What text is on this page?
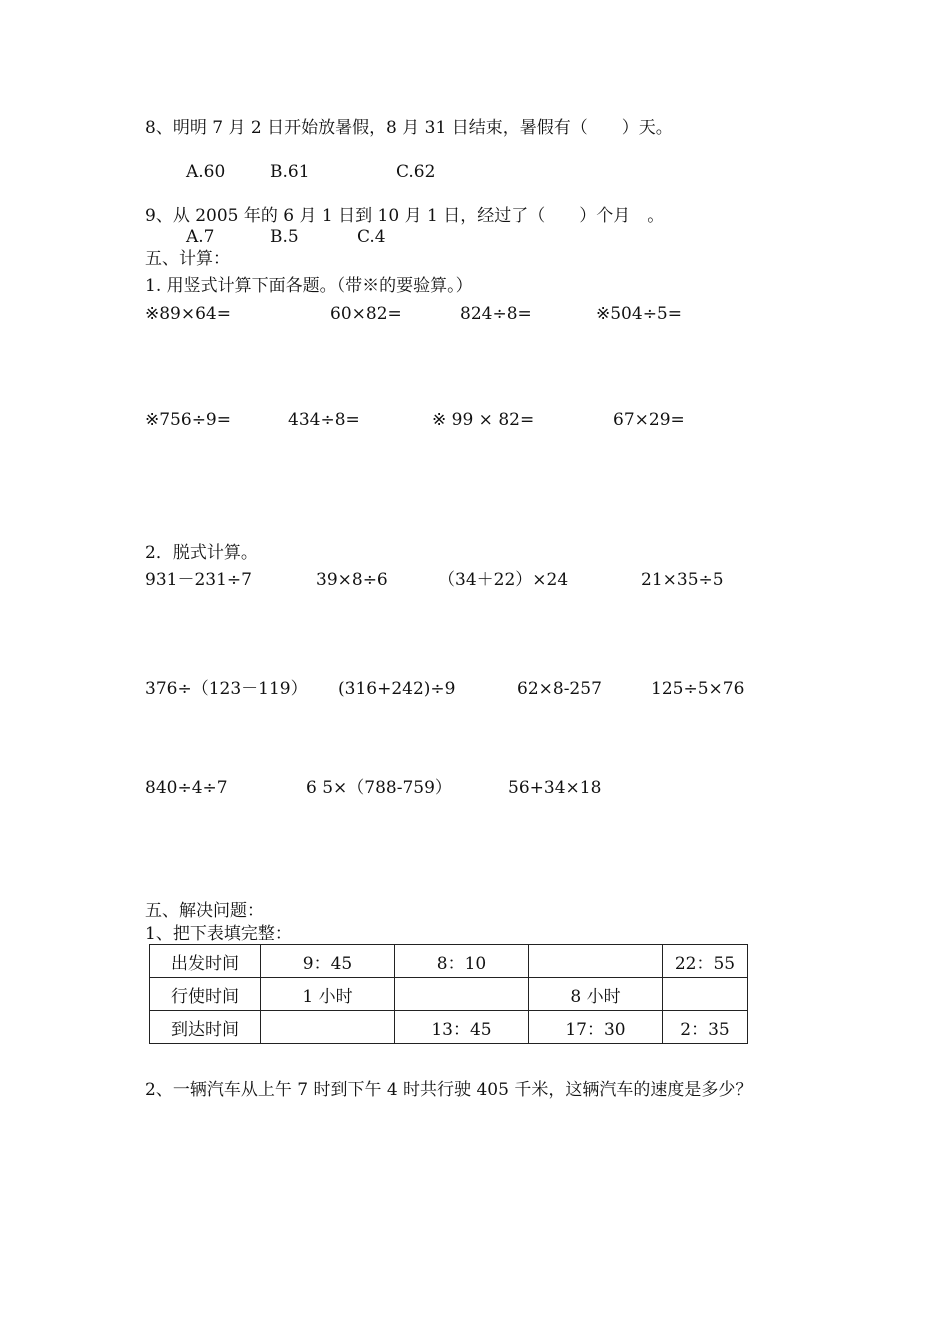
8、明明 7 月 2 日开始放暑假，8 月 31 日结束，暑假有（　　）天。
A.60	B.61	C.62
9、从 2005 年的 6 月 1 日到 10 月 1 日，经过了（　　）个月　。
A.7	B.5	C.4
五、计算：
1. 用竖式计算下面各题。（带※的要验算。）
※89×64=	60×82=	824÷8=	※504÷5=
※756÷9=	434÷8=	※ 99 × 82=	67×29=
2．脱式计算。
931－231÷7	39×8÷6	（34＋22）×24	21×35÷5
376÷（123－119） (316+242)÷9	62×8-257	125÷5×76
840÷4÷7	6 5×（788-759）	56+34×18
五、解决问题：
1、把下表填完整：
出发时间	9：45	8：10		22：55
行使时间	1 小时		8 小时	
到达时间		13：45	17：30	2：35
2、一辆汽车从上午 7 时到下午 4 时共行驶 405 千米，这辆汽车的速度是多少？
